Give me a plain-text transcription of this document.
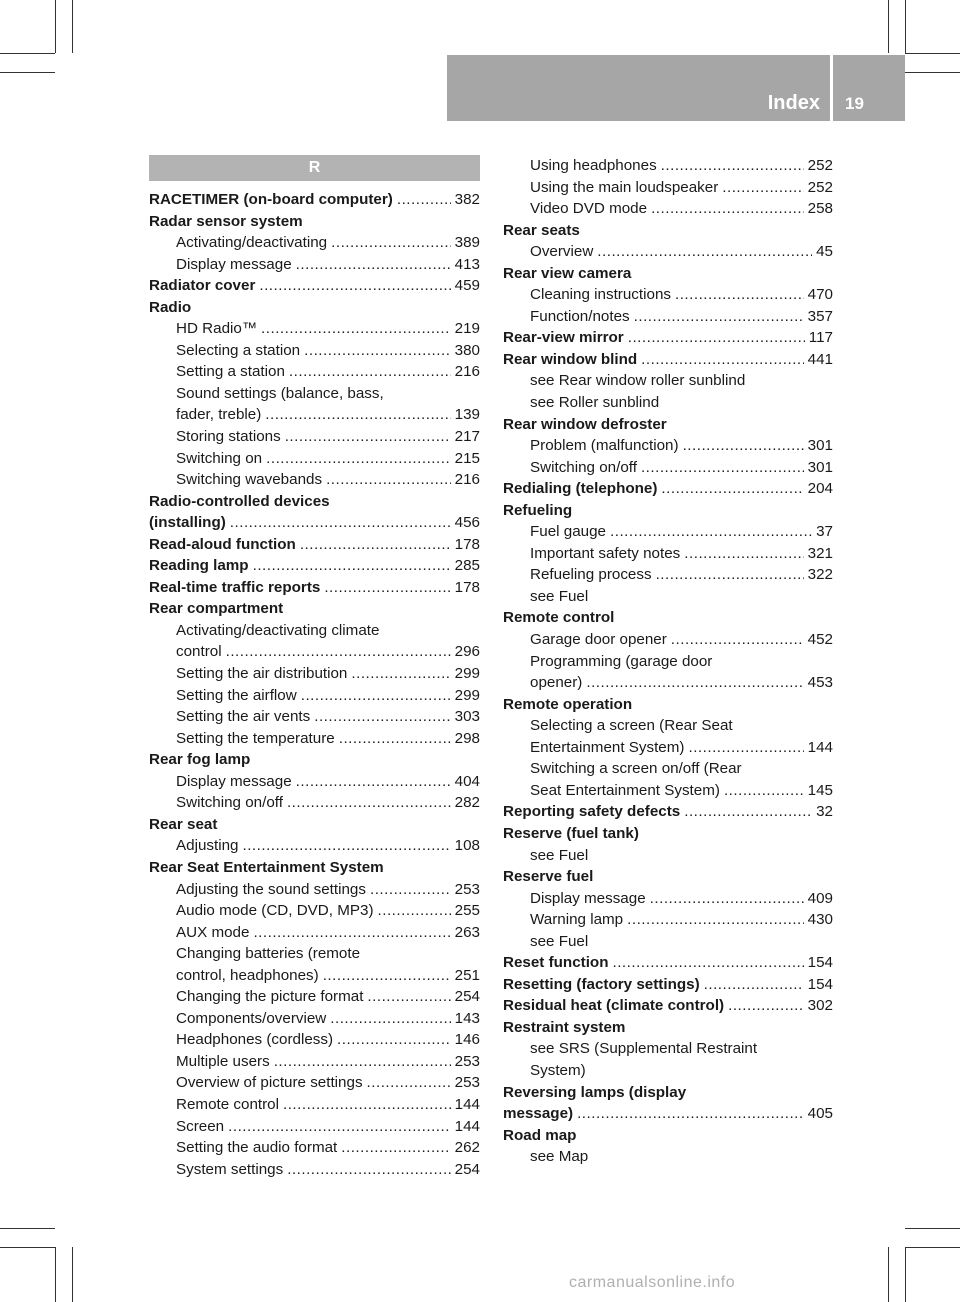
Index 19
R
RACETIMER (on-board computer) .....	382
Radar sensor system
Activating/deactivating .....	389
Display message .....	413
Radiator cover .....	459
Radio
HD Radio™ .....	219
Selecting a station .....	380
Setting a station .....	216
Sound settings (balance, bass,
fader, treble) .....	139
Storing stations .....	217
Switching on .....	215
Switching wavebands .....	216
Radio-controlled devices
(installing) .....	456
Read-aloud function .....	178
Reading lamp .....	285
Real-time traffic reports .....	178
Rear compartment
Activating/deactivating climate
control .....	296
Setting the air distribution .....	299
Setting the airflow .....	299
Setting the air vents .....	303
Setting the temperature .....	298
Rear fog lamp
Display message .....	404
Switching on/off .....	282
Rear seat
Adjusting .....	108
Rear Seat Entertainment System
Adjusting the sound settings .....	253
Audio mode (CD, DVD, MP3) .....	255
AUX mode .....	263
Changing batteries (remote
control, headphones) .....	251
Changing the picture format .....	254
Components/overview .....	143
Headphones (cordless) .....	146
Multiple users .....	253
Overview of picture settings .....	253
Remote control .....	144
Screen .....	144
Setting the audio format .....	262
System settings .....	254
Using headphones .....	252
Using the main loudspeaker .....	252
Video DVD mode .....	258
Rear seats
Overview .....	45
Rear view camera
Cleaning instructions .....	470
Function/notes .....	357
Rear-view mirror .....	117
Rear window blind .....	441
see Rear window roller sunblind
see Roller sunblind
Rear window defroster
Problem (malfunction) .....	301
Switching on/off .....	301
Redialing (telephone) .....	204
Refueling
Fuel gauge .....	37
Important safety notes .....	321
Refueling process .....	322
see Fuel
Remote control
Garage door opener .....	452
Programming (garage door
opener) .....	453
Remote operation
Selecting a screen (Rear Seat
Entertainment System) .....	144
Switching a screen on/off (Rear
Seat Entertainment System) .....	145
Reporting safety defects .....	32
Reserve (fuel tank)
see Fuel
Reserve fuel
Display message .....	409
Warning lamp .....	430
see Fuel
Reset function .....	154
Resetting (factory settings) .....	154
Residual heat (climate control) .....	302
Restraint system
see SRS (Supplemental Restraint
System)
Reversing lamps (display
message) .....	405
Road map
see Map
carmanualsonline.info
